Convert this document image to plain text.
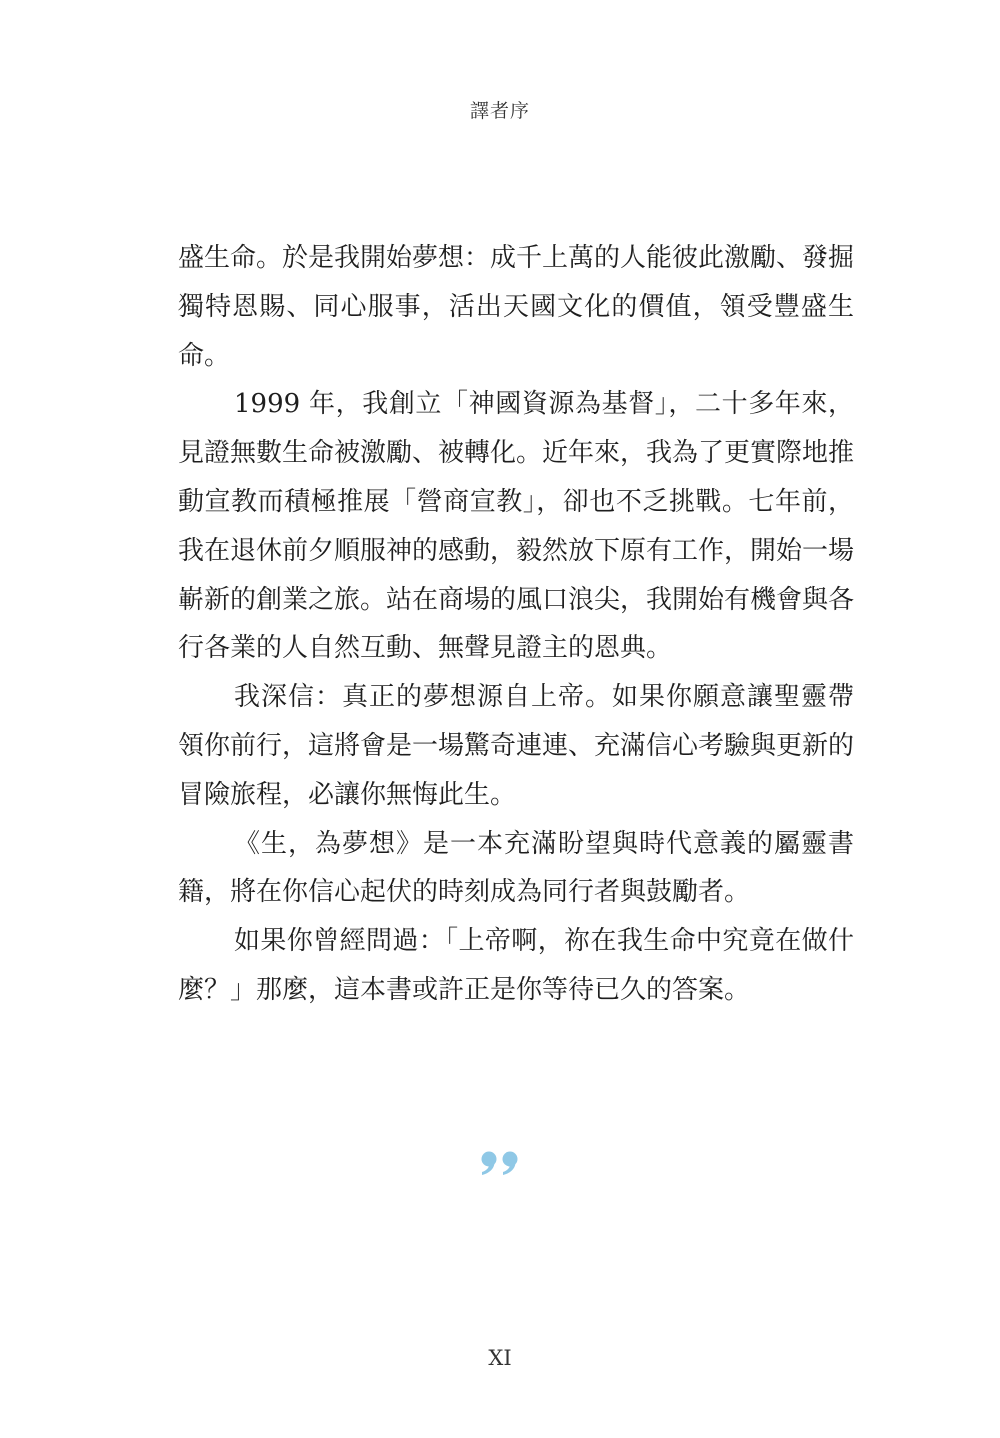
譯者序

盛生命。於是我開始夢想：成千上萬的人能彼此激勵、發掘獨特恩賜、同心服事，活出天國文化的價值，領受豐盛生命。

1999 年，我創立「神國資源為基督」，二十多年來，見證無數生命被激勵、被轉化。近年來，我為了更實際地推動宣教而積極推展「營商宣教」，卻也不乏挑戰。七年前，我在退休前夕順服神的感動，毅然放下原有工作，開始一場嶄新的創業之旅。站在商場的風口浪尖，我開始有機會與各行各業的人自然互動、無聲見證主的恩典。

我深信：真正的夢想源自上帝。如果你願意讓聖靈帶領你前行，這將會是一場驚奇連連、充滿信心考驗與更新的冒險旅程，必讓你無悔此生。

《生，為夢想》是一本充滿盼望與時代意義的屬靈書籍，將在你信心起伏的時刻成為同行者與鼓勵者。

如果你曾經問過：「上帝啊，祢在我生命中究竟在做什麼？」那麼，這本書或許正是你等待已久的答案。

XI
